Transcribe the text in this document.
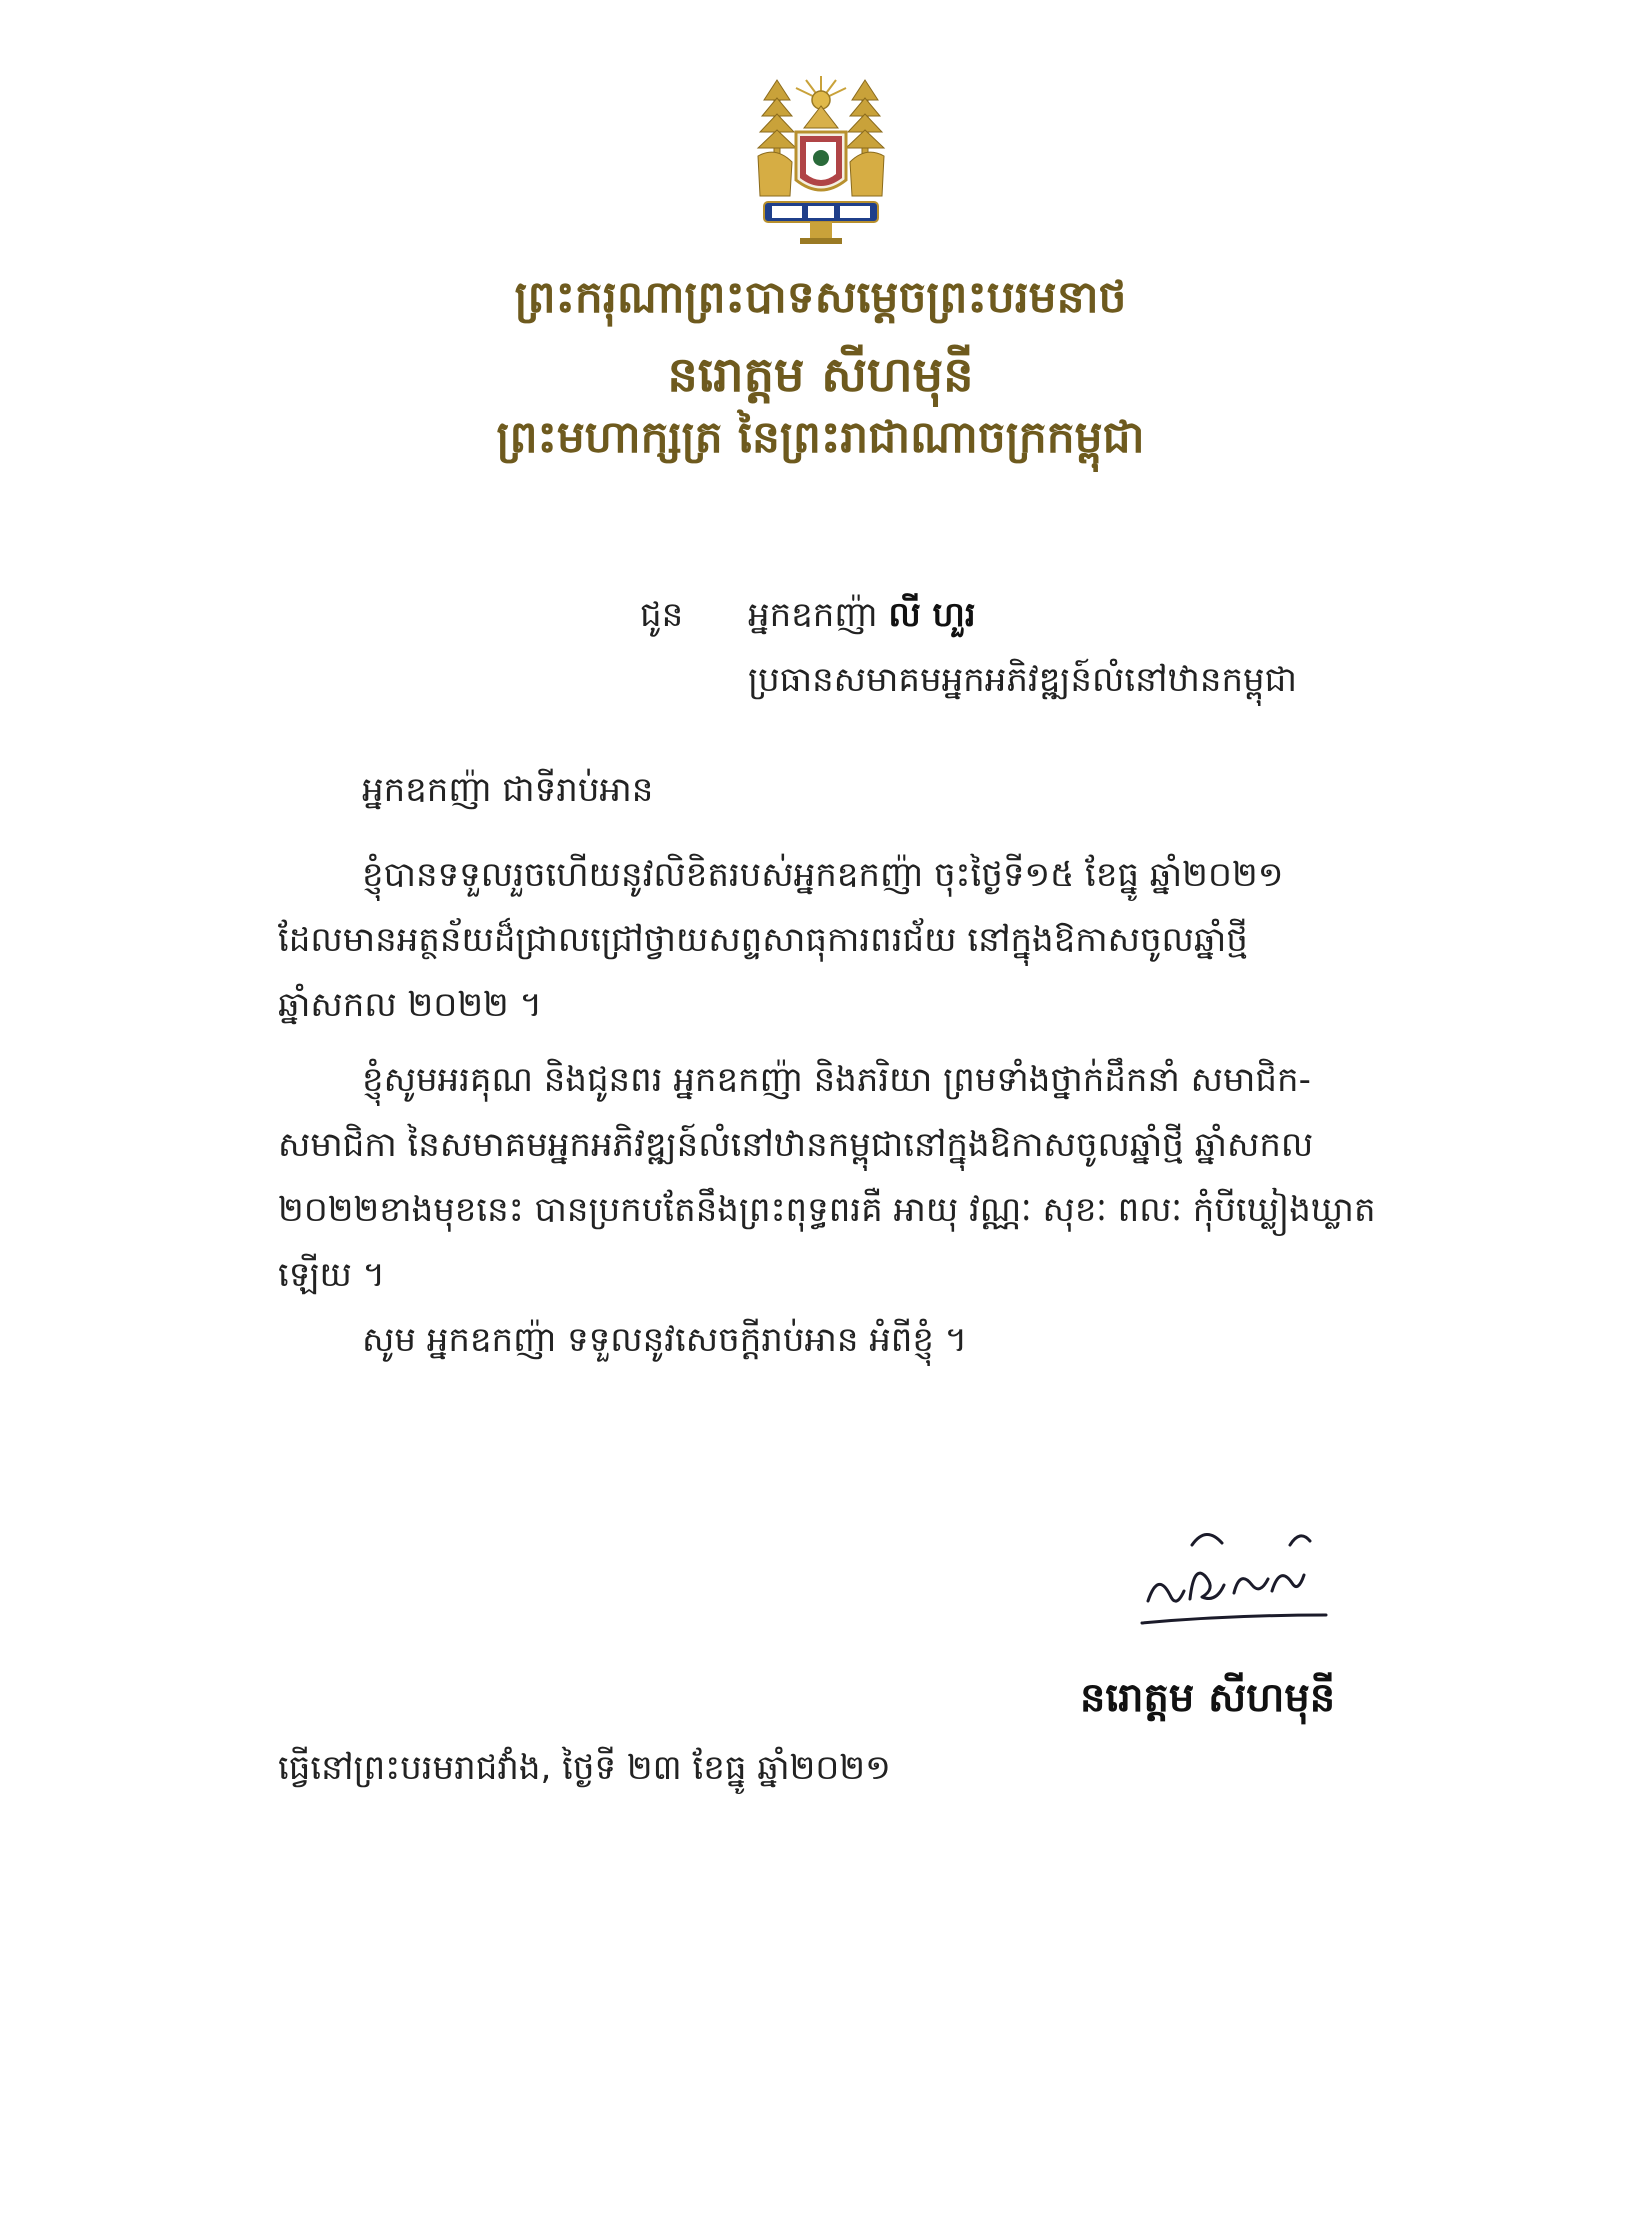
ព្រះករុណាព្រះបាទសម្ដេចព្រះបរមនាថ
នរោត្តម សីហមុនី
ព្រះមហាក្សត្រ នៃព្រះរាជាណាចក្រកម្ពុជា
ជូន អ្នកឧកញ៉ា លី ហួរ
ប្រធានសមាគមអ្នកអភិវឌ្ឍន៍លំនៅឋានកម្ពុជា
អ្នកឧកញ៉ា ជាទីរាប់អាន
ខ្ញុំបានទទួលរួចហើយនូវលិខិតរបស់អ្នកឧកញ៉ា ចុះថ្ងៃទី១៥ ខែធ្នូ ឆ្នាំ២០២១
ដែលមានអត្ថន័យដ៏ជ្រាលជ្រៅថ្វាយសព្ទសាធុការពរជ័យ នៅក្នុងឱកាសចូលឆ្នាំថ្មី
ឆ្នាំសកល ២០២២ ។
ខ្ញុំសូមអរគុណ និងជូនពរ អ្នកឧកញ៉ា និងភរិយា ព្រមទាំងថ្នាក់ដឹកនាំ សមាជិក-
សមាជិកា នៃសមាគមអ្នកអភិវឌ្ឍន៍លំនៅឋានកម្ពុជានៅក្នុងឱកាសចូលឆ្នាំថ្មី ឆ្នាំសកល
២០២២ខាងមុខនេះ បានប្រកបតែនឹងព្រះពុទ្ធពរគឺ អាយុ វណ្ណៈ សុខៈ ពលៈ កុំបីឃ្លៀងឃ្លាត
ឡើយ ។
សូម អ្នកឧកញ៉ា ទទួលនូវសេចក្តីរាប់អាន អំពីខ្ញុំ ។
នរោត្តម សីហមុនី
ធ្វើនៅព្រះបរមរាជវាំង, ថ្ងៃទី ២៣ ខែធ្នូ ឆ្នាំ២០២១
